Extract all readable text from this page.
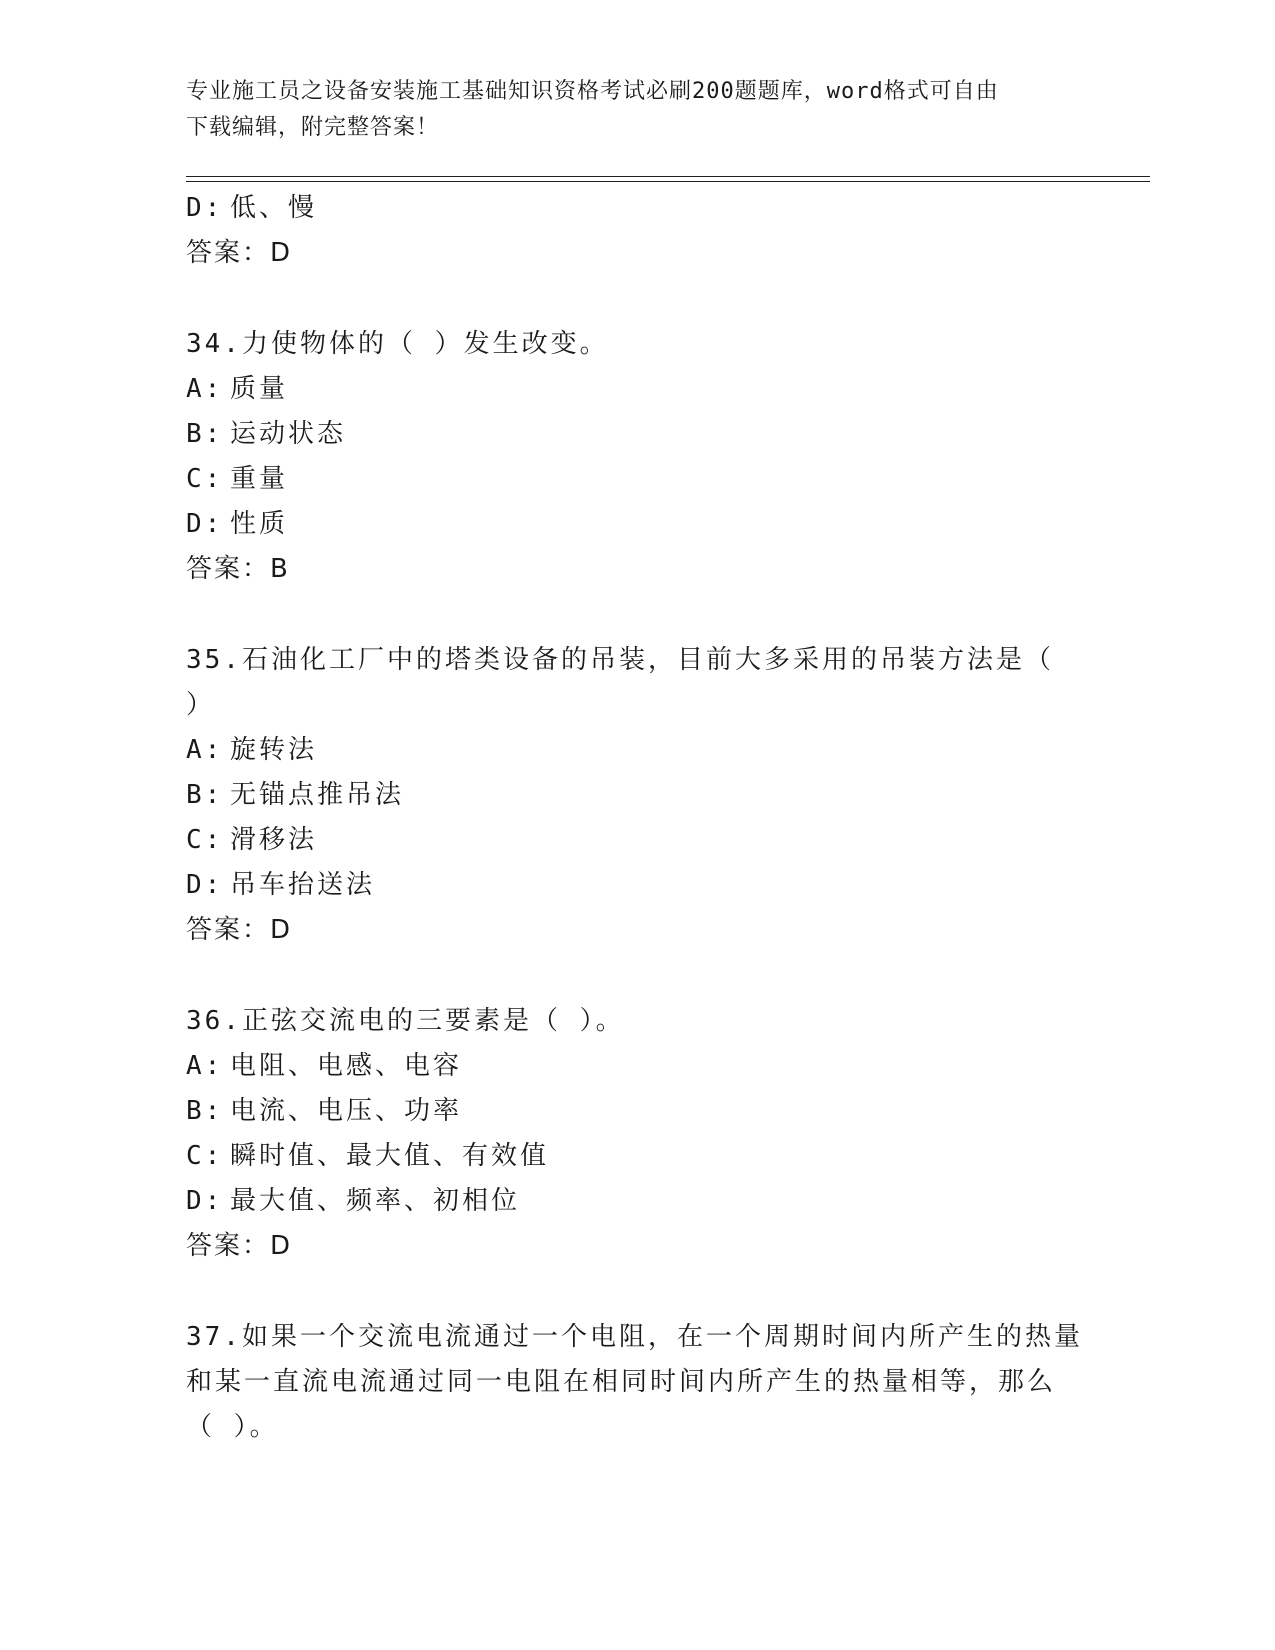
专业施工员之设备安装施工基础知识资格考试必刷200题题库，word格式可自由
下载编辑，附完整答案！
D: 低、慢
答案：D
34.力使物体的（ ）发生改变。
A: 质量
B: 运动状态
C: 重量
D: 性质
答案：B
35.石油化工厂中的塔类设备的吊装，目前大多采用的吊装方法是（
）
A: 旋转法
B: 无锚点推吊法
C: 滑移法
D: 吊车抬送法
答案：D
36.正弦交流电的三要素是（ ）。
A: 电阻、电感、电容
B: 电流、电压、功率
C: 瞬时值、最大值、有效值
D: 最大值、频率、初相位
答案：D
37.如果一个交流电流通过一个电阻，在一个周期时间内所产生的热量
和某一直流电流通过同一电阻在相同时间内所产生的热量相等，那么
（ ）。
